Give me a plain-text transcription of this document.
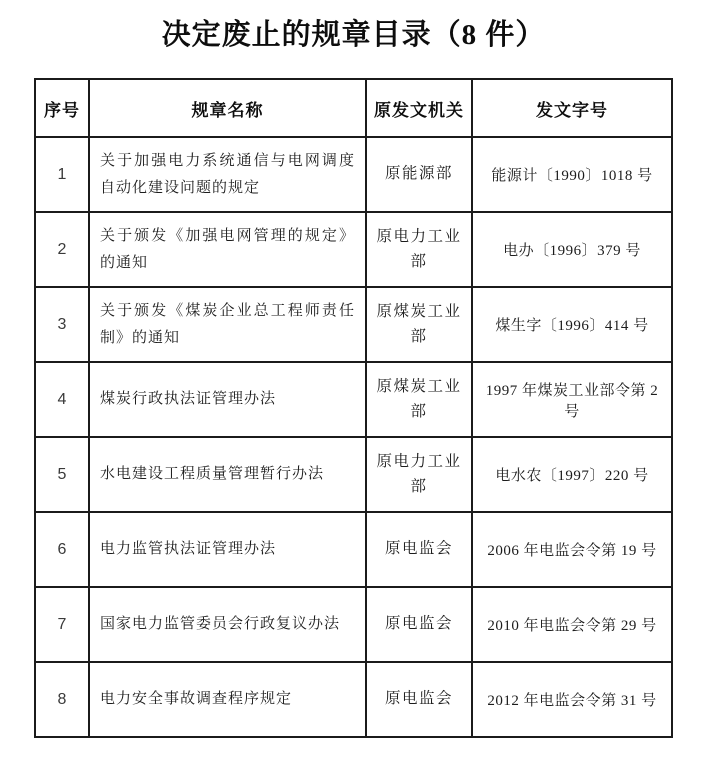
决定废止的规章目录（8 件）
序号	规章名称	原发文机关	发文字号
1	关于加强电力系统通信与电网调度自动化建设问题的规定	原能源部	能源计〔1990〕1018 号
2	关于颁发《加强电网管理的规定》的通知	原电力工业部	电办〔1996〕379 号
3	关于颁发《煤炭企业总工程师责任制》的通知	原煤炭工业部	煤生字〔1996〕414 号
4	煤炭行政执法证管理办法	原煤炭工业部	1997 年煤炭工业部令第 2 号
5	水电建设工程质量管理暂行办法	原电力工业部	电水农〔1997〕220 号
6	电力监管执法证管理办法	原电监会	2006 年电监会令第 19 号
7	国家电力监管委员会行政复议办法	原电监会	2010 年电监会令第 29 号
8	电力安全事故调查程序规定	原电监会	2012 年电监会令第 31 号
